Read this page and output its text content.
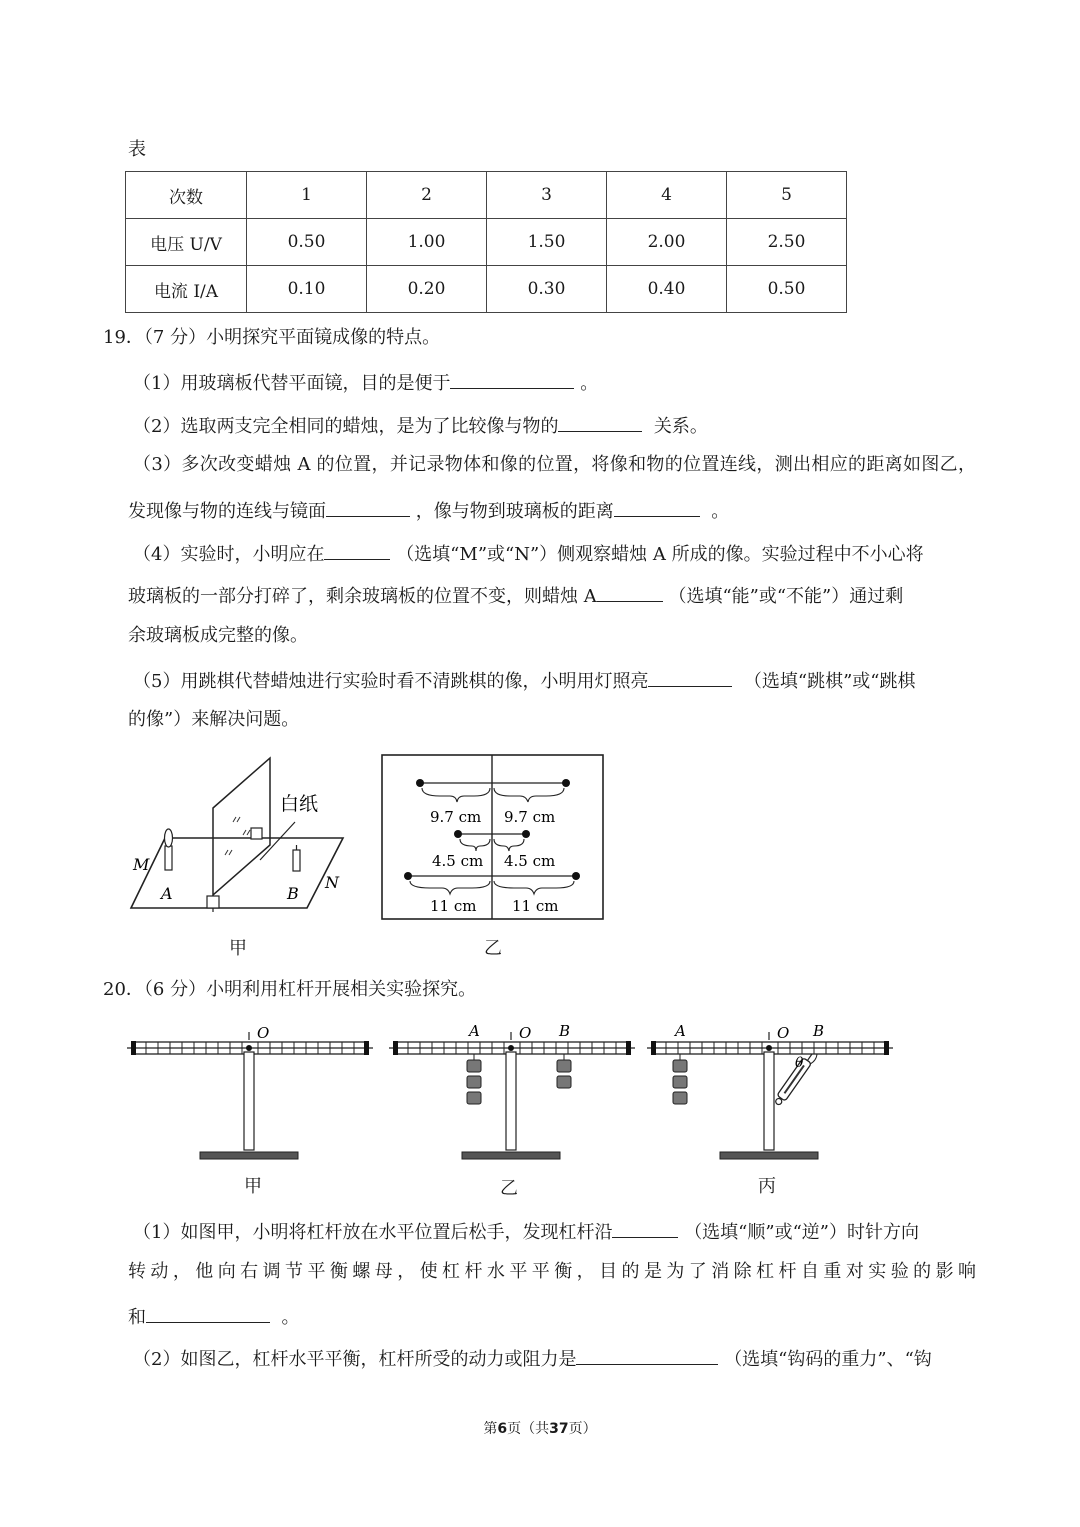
表
次数	1	2	3	4	5
电压 U/V	0.50	1.00	1.50	2.00	2.50
电流 I/A	0.10	0.20	0.30	0.40	0.50
19．（7 分）小明探究平面镜成像的特点。
（1）用玻璃板代替平面镜，目的是便于	。
（2）选取两支完全相同的蜡烛，是为了比较像与物的	关系。
（3）多次改变蜡烛 A 的位置，并记录物体和像的位置，将像和物的位置连线，测出相应的距离如图乙，
发现像与物的连线与镜面	，像与物到玻璃板的距离	。
（4）实验时，小明应在	（选填“M”或“N”）侧观察蜡烛 A 所成的像。实验过程中不小心将
玻璃板的一部分打碎了，剩余玻璃板的位置不变，则蜡烛 A	（选填“能”或“不能”）通过剩
余玻璃板成完整的像。
（5）用跳棋代替蜡烛进行实验时看不清跳棋的像，小明用灯照亮	（选填“跳棋”或“跳棋
的像”）来解决问题。
白纸
M
A	B
N
甲
9.7 cm 9.7 cm
4.5 cm 4.5 cm
11 cm 11 cm
乙
20．（6 分）小明利用杠杆开展相关实验探究。
O	A	O B	A	O B
θ
甲	乙	丙
（1）如图甲，小明将杠杆放在水平位置后松手，发现杠杆沿	（选填“顺”或“逆”）时针方向
转动，他向右调节平衡螺母，使杠杆水平平衡，目的是为了消除杠杆自重对实验的影响
和	。
（2）如图乙，杠杆水平平衡，杠杆所受的动力或阻力是	（选填“钩码的重力”、“钩
第6页（共37页）
